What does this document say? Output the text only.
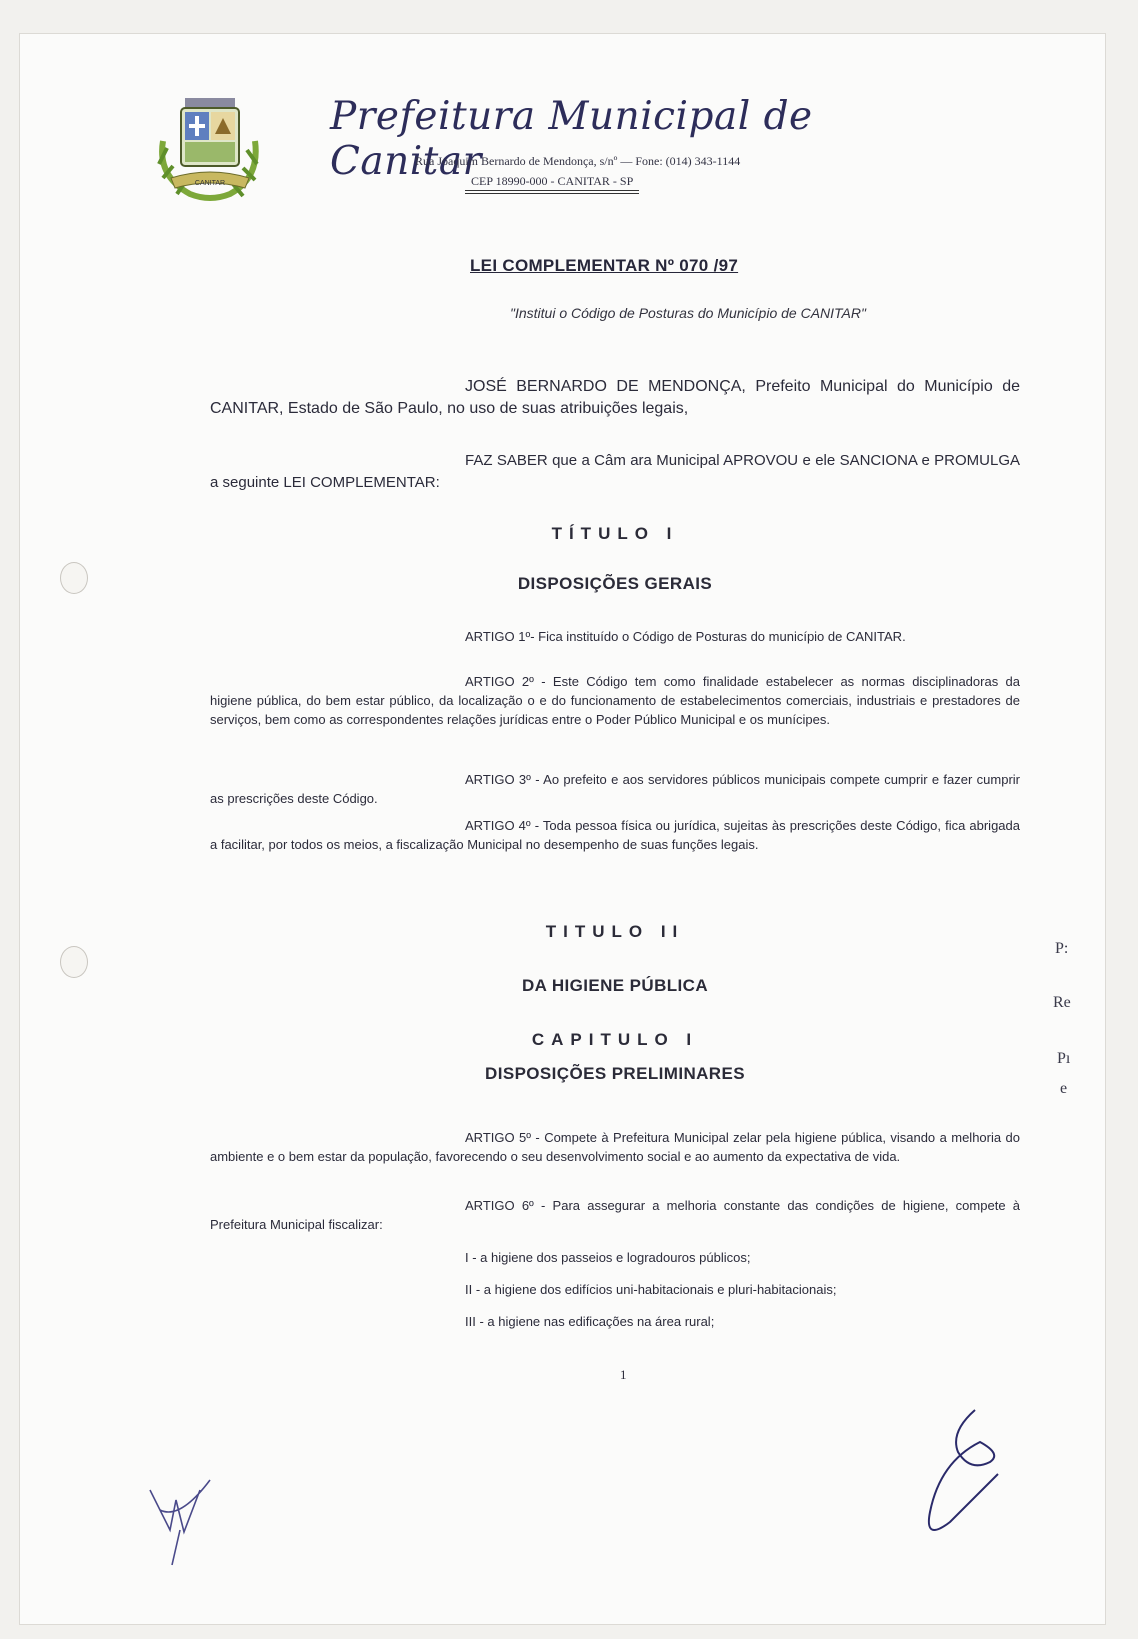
CANITAR
Prefeitura Municipal de Canitar
Rua Joaquim Bernardo de Mendonça, s/nº — Fone: (014) 343-1144
CEP 18990-000 - CANITAR - SP
LEI COMPLEMENTAR Nº 070 /97
"Institui o Código de Posturas do Município de CANITAR"
JOSÉ BERNARDO DE MENDONÇA, Prefeito Municipal do Município de CANITAR, Estado de São Paulo, no uso de suas atribuições legais,
FAZ SABER que a Câm ara Municipal APROVOU e ele SANCIONA e PROMULGA a seguinte LEI COMPLEMENTAR:
TÍTULO I
DISPOSIÇÕES GERAIS
ARTIGO 1º- Fica instituído o Código de Posturas do município de CANITAR.
ARTIGO 2º - Este Código tem como finalidade estabelecer as normas disciplinadoras da higiene pública, do bem estar público, da localização o e do funcionamento de estabelecimentos comerciais, industriais e prestadores de serviços, bem como as correspondentes relações jurídicas entre o Poder Público Municipal e os munícipes.
ARTIGO 3º - Ao prefeito e aos servidores públicos municipais compete cumprir e fazer cumprir as prescrições deste Código.
ARTIGO 4º - Toda pessoa física ou jurídica, sujeitas às prescrições deste Código, fica abrigada a facilitar, por todos os meios, a fiscalização Municipal no desempenho de suas funções legais.
TITULO II
DA HIGIENE PÚBLICA
CAPITULO I
DISPOSIÇÕES PRELIMINARES
ARTIGO 5º - Compete à Prefeitura Municipal zelar pela higiene pública, visando a melhoria do ambiente e o bem estar da população, favorecendo o seu desenvolvimento social e ao aumento da expectativa de vida.
ARTIGO 6º - Para assegurar a melhoria constante das condições de higiene, compete à Prefeitura Municipal fiscalizar:
I - a higiene dos passeios e logradouros públicos;
II - a higiene dos edifícios uni-habitacionais e pluri-habitacionais;
III - a higiene nas edificações na área rural;
1
P:
Re
Pı
e
